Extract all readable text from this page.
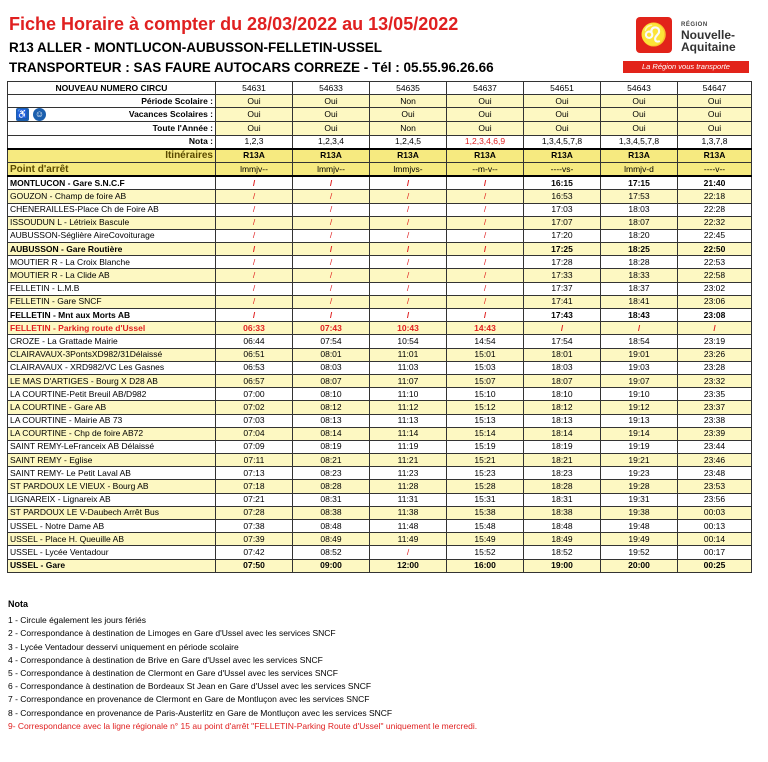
Fiche Horaire à compter du 28/03/2022 au 13/05/2022
R13 ALLER - MONTLUCON-AUBUSSON-FELLETIN-USSEL
TRANSPORTEUR : SAS FAURE AUTOCARS CORREZE - Tél : 05.55.96.26.66
♌	RÉGION
Nouvelle-
Aquitaine
La Région vous transporte
NOUVEAU NUMERO CIRCU	54631	54633	54635	54637	54651	54643	54647
Période Scolaire :	Oui	Oui	Non	Oui	Oui	Oui	Oui

♿ ☺ Vacances Scolaires :	Oui	Oui	Oui	Oui	Oui	Oui	Oui
Toute l'Année :	Oui	Oui	Non	Oui	Oui	Oui	Oui
Nota :	1,2,3	1,2,3,4	1,2,4,5	1,2,3,4,6,9	1,3,4,5,7,8	1,3,4,5,7,8	1,3,7,8
Itinéraires	R13A	R13A	R13A	R13A	R13A	R13A	R13A
Point d'arrêt	lmmjv--	lmmjv--	lmmjvs-	--m-v--	----vs-	lmmjv-d	----v--
MONTLUCON - Gare S.N.C.F	/	/	/	/	16:15	17:15	21:40
GOUZON - Champ de foire AB	/	/	/	/	16:53	17:53	22:18
CHENERAILLES-Place Ch de Foire AB	/	/	/	/	17:03	18:03	22:28
ISSOUDUN L - Létrieix Bascule	/	/	/	/	17:07	18:07	22:32
AUBUSSON-Séglière AireCovoiturage	/	/	/	/	17:20	18:20	22:45
AUBUSSON - Gare Routière	/	/	/	/	17:25	18:25	22:50
MOUTIER R - La Croix Blanche	/	/	/	/	17:28	18:28	22:53
MOUTIER R - La Clide AB	/	/	/	/	17:33	18:33	22:58
FELLETIN - L.M.B	/	/	/	/	17:37	18:37	23:02
FELLETIN - Gare SNCF	/	/	/	/	17:41	18:41	23:06
FELLETIN - Mnt aux Morts AB	/	/	/	/	17:43	18:43	23:08
FELLETIN - Parking route d'Ussel	06:33	07:43	10:43	14:43	/	/	/
CROZE - La Grattade Mairie	06:44	07:54	10:54	14:54	17:54	18:54	23:19
CLAIRAVAUX-3PontsXD982/31Délaissé	06:51	08:01	11:01	15:01	18:01	19:01	23:26
CLAIRAVAUX - XRD982/VC Les Gasnes	06:53	08:03	11:03	15:03	18:03	19:03	23:28
LE MAS D'ARTIGES - Bourg X D28 AB	06:57	08:07	11:07	15:07	18:07	19:07	23:32
LA COURTINE-Petit Breuil AB/D982	07:00	08:10	11:10	15:10	18:10	19:10	23:35
LA COURTINE - Gare AB	07:02	08:12	11:12	15:12	18:12	19:12	23:37
LA COURTINE - Mairie AB 73	07:03	08:13	11:13	15:13	18:13	19:13	23:38
LA COURTINE - Chp de foire AB72	07:04	08:14	11:14	15:14	18:14	19:14	23:39
SAINT REMY-LeFranceix AB Délaissé	07:09	08:19	11:19	15:19	18:19	19:19	23:44
SAINT REMY - Eglise	07:11	08:21	11:21	15:21	18:21	19:21	23:46
SAINT REMY- Le Petit Laval AB	07:13	08:23	11:23	15:23	18:23	19:23	23:48
ST PARDOUX LE VIEUX - Bourg AB	07:18	08:28	11:28	15:28	18:28	19:28	23:53
LIGNAREIX - Lignareix AB	07:21	08:31	11:31	15:31	18:31	19:31	23:56
ST PARDOUX LE V-Daubech Arrêt Bus	07:28	08:38	11:38	15:38	18:38	19:38	00:03
USSEL - Notre Dame AB	07:38	08:48	11:48	15:48	18:48	19:48	00:13
USSEL - Place H. Queuille AB	07:39	08:49	11:49	15:49	18:49	19:49	00:14
USSEL - Lycée Ventadour	07:42	08:52	/	15:52	18:52	19:52	00:17
USSEL - Gare	07:50	09:00	12:00	16:00	19:00	20:00	00:25
Nota
1 - Circule également les jours fériés
2 - Correspondance à destination de Limoges en Gare d'Ussel avec les services SNCF
3 - Lycée Ventadour desservi uniquement en période scolaire
4 - Correspondance à destination de Brive en Gare d'Ussel avec les services SNCF
5 - Correspondance à destination de Clermont en Gare d'Ussel avec les services SNCF
6 - Correspondance à destination de Bordeaux St Jean en Gare d'Ussel avec les services SNCF
7 - Correspondance en provenance de Clermont en Gare de Montluçon avec les services SNCF
8 - Correspondance en provenance de Paris-Austerlitz en Gare de Montluçon avec les services SNCF
9- Correspondance avec la ligne régionale n° 15 au point d'arrêt "FELLETIN-Parking Route d'Ussel" uniquement le mercredi.
